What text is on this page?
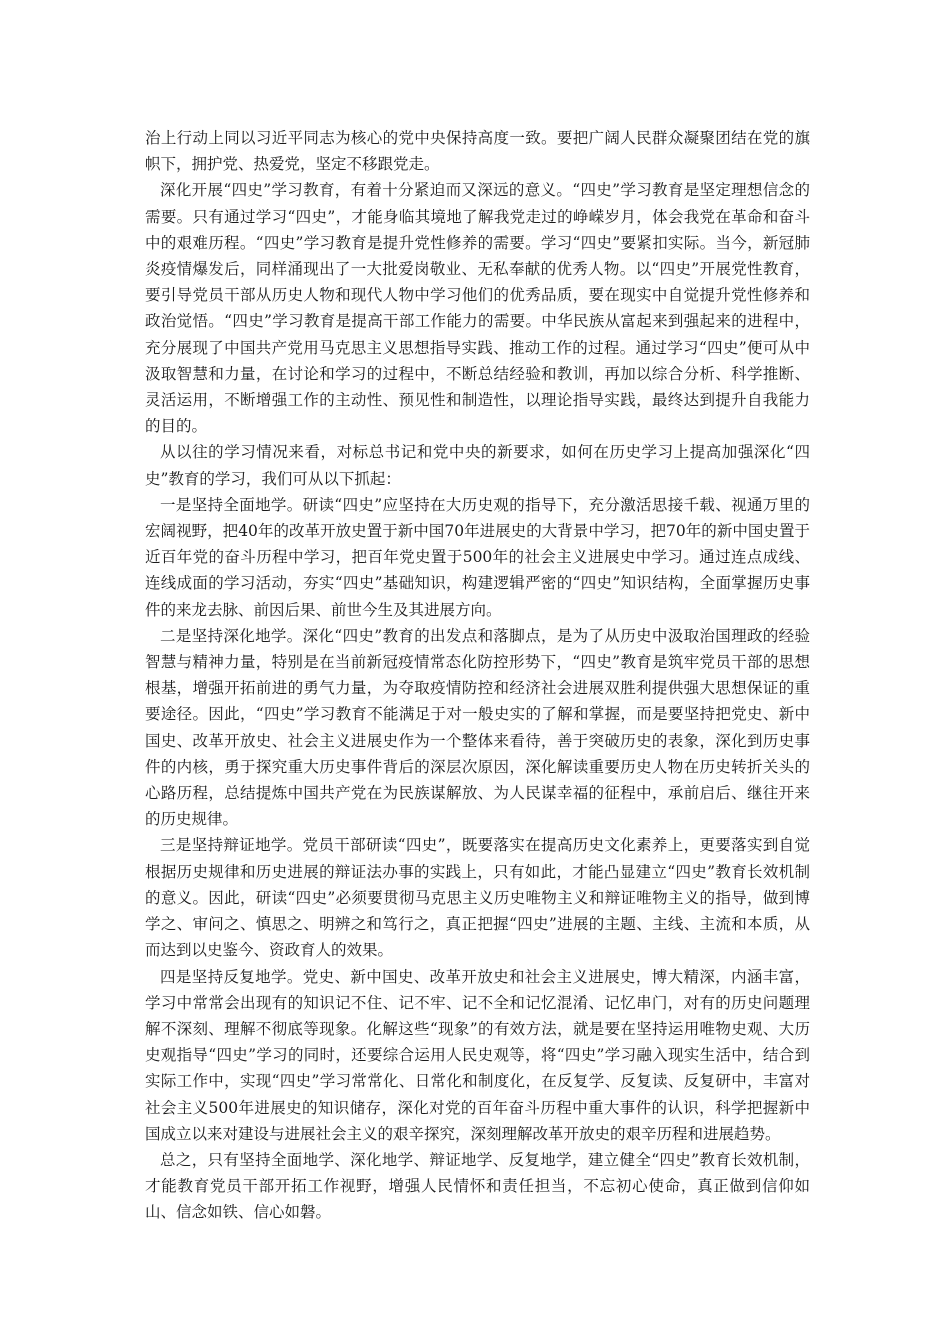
治上行动上同以习近平同志为核心的党中央保持高度一致。要把广阔人民群众凝聚团结在党的旗帜下，拥护党、热爱党，坚定不移跟党走。

深化开展“四史”学习教育，有着十分紧迫而又深远的意义。“四史”学习教育是坚定理想信念的需要。只有通过学习“四史”，才能身临其境地了解我党走过的峥嵘岁月，体会我党在革命和奋斗中的艰难历程。“四史”学习教育是提升党性修养的需要。学习“四史”要紧扣实际。当今，新冠肺炎疫情爆发后，同样涌现出了一大批爱岗敬业、无私奉献的优秀人物。以“四史”开展党性教育，要引导党员干部从历史人物和现代人物中学习他们的优秀品质，要在现实中自觉提升党性修养和政治觉悟。“四史”学习教育是提高干部工作能力的需要。中华民族从富起来到强起来的进程中，充分展现了中国共产党用马克思主义思想指导实践、推动工作的过程。通过学习“四史”便可从中汲取智慧和力量，在讨论和学习的过程中，不断总结经验和教训，再加以综合分析、科学推断、灵活运用，不断增强工作的主动性、预见性和制造性，以理论指导实践，最终达到提升自我能力的目的。

从以往的学习情况来看，对标总书记和党中央的新要求，如何在历史学习上提高加强深化“四史”教育的学习，我们可从以下抓起：

一是坚持全面地学。研读“四史”应坚持在大历史观的指导下，充分激活思接千载、视通万里的宏阔视野，把40年的改革开放史置于新中国70年进展史的大背景中学习，把70年的新中国史置于近百年党的奋斗历程中学习，把百年党史置于500年的社会主义进展史中学习。通过连点成线、连线成面的学习活动，夯实“四史”基础知识，构建逻辑严密的“四史”知识结构，全面掌握历史事件的来龙去脉、前因后果、前世今生及其进展方向。

二是坚持深化地学。深化“四史”教育的出发点和落脚点，是为了从历史中汲取治国理政的经验智慧与精神力量，特别是在当前新冠疫情常态化防控形势下，“四史”教育是筑牢党员干部的思想根基，增强开拓前进的勇气力量，为夺取疫情防控和经济社会进展双胜利提供强大思想保证的重要途径。因此，“四史”学习教育不能满足于对一般史实的了解和掌握，而是要坚持把党史、新中国史、改革开放史、社会主义进展史作为一个整体来看待，善于突破历史的表象，深化到历史事件的内核，勇于探究重大历史事件背后的深层次原因，深化解读重要历史人物在历史转折关头的心路历程，总结提炼中国共产党在为民族谋解放、为人民谋幸福的征程中，承前启后、继往开来的历史规律。

三是坚持辩证地学。党员干部研读“四史”，既要落实在提高历史文化素养上，更要落实到自觉根据历史规律和历史进展的辩证法办事的实践上，只有如此，才能凸显建立“四史”教育长效机制的意义。因此，研读“四史”必须要贯彻马克思主义历史唯物主义和辩证唯物主义的指导，做到博学之、审问之、慎思之、明辨之和笃行之，真正把握“四史”进展的主题、主线、主流和本质，从而达到以史鉴今、资政育人的效果。

四是坚持反复地学。党史、新中国史、改革开放史和社会主义进展史，博大精深，内涵丰富，学习中常常会出现有的知识记不住、记不牢、记不全和记忆混淆、记忆串门，对有的历史问题理解不深刻、理解不彻底等现象。化解这些“现象”的有效方法，就是要在坚持运用唯物史观、大历史观指导“四史”学习的同时，还要综合运用人民史观等，将“四史”学习融入现实生活中，结合到实际工作中，实现“四史”学习常常化、日常化和制度化，在反复学、反复读、反复研中，丰富对社会主义500年进展史的知识储存，深化对党的百年奋斗历程中重大事件的认识，科学把握新中国成立以来对建设与进展社会主义的艰辛探究，深刻理解改革开放史的艰辛历程和进展趋势。

总之，只有坚持全面地学、深化地学、辩证地学、反复地学，建立健全“四史”教育长效机制，才能教育党员干部开拓工作视野，增强人民情怀和责任担当，不忘初心使命，真正做到信仰如山、信念如铁、信心如磐。
